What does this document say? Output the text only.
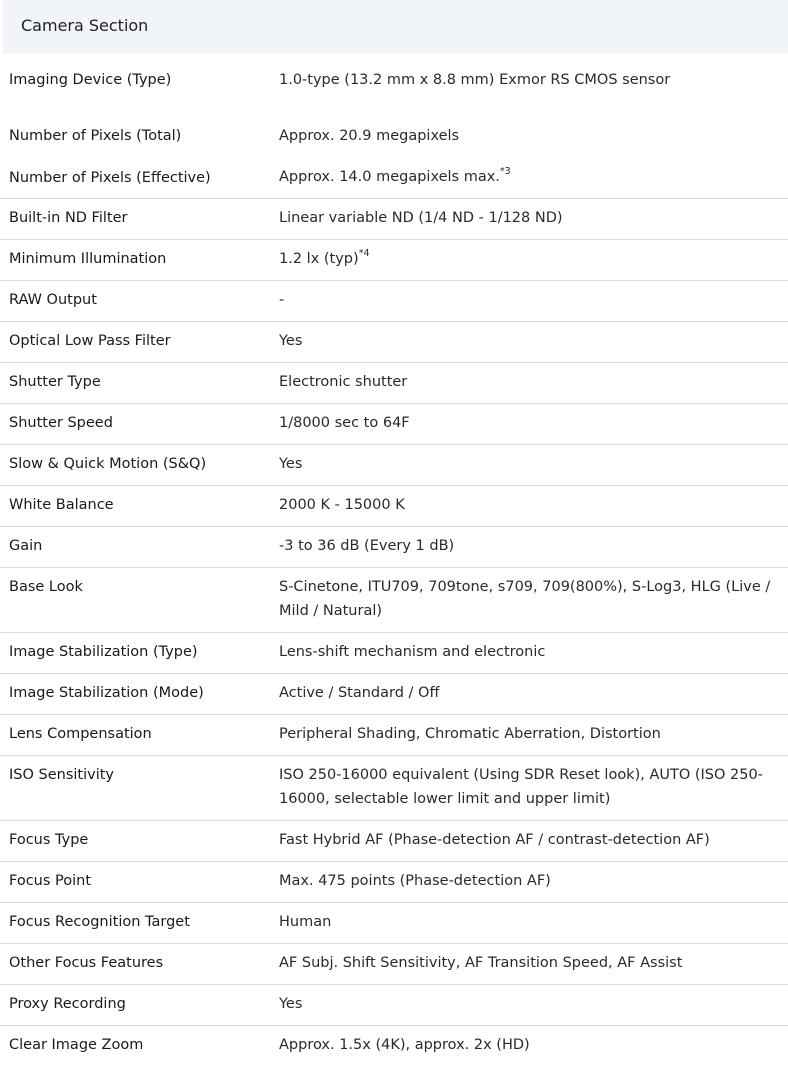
Camera Section
Imaging Device (Type)	1.0-type (13.2 mm x 8.8 mm) Exmor RS CMOS sensor
Number of Pixels (Total)	Approx. 20.9 megapixels
Number of Pixels (Effective)	Approx. 14.0 megapixels max.$^{*3}$
Built-in ND Filter	Linear variable ND (1/4 ND - 1/128 ND)
Minimum Illumination	1.2 lx (typ)$^{*4}$
RAW Output	-
Optical Low Pass Filter	Yes
Shutter Type	Electronic shutter
Shutter Speed	1/8000 sec to 64F
Slow & Quick Motion (S&Q)	Yes
White Balance	2000 K - 15000 K
Gain	-3 to 36 dB (Every 1 dB)
Base Look	S-Cinetone, ITU709, 709tone, s709, 709(800%), S-Log3, HLG (Live / Mild / Natural)
Image Stabilization (Type)	Lens-shift mechanism and electronic
Image Stabilization (Mode)	Active / Standard / Off
Lens Compensation	Peripheral Shading, Chromatic Aberration, Distortion
ISO Sensitivity	ISO 250-16000 equivalent (Using SDR Reset look), AUTO (ISO 250-16000, selectable lower limit and upper limit)
Focus Type	Fast Hybrid AF (Phase-detection AF / contrast-detection AF)
Focus Point	Max. 475 points (Phase-detection AF)
Focus Recognition Target	Human
Other Focus Features	AF Subj. Shift Sensitivity, AF Transition Speed, AF Assist
Proxy Recording	Yes
Clear Image Zoom	Approx. 1.5x (4K), approx. 2x (HD)
